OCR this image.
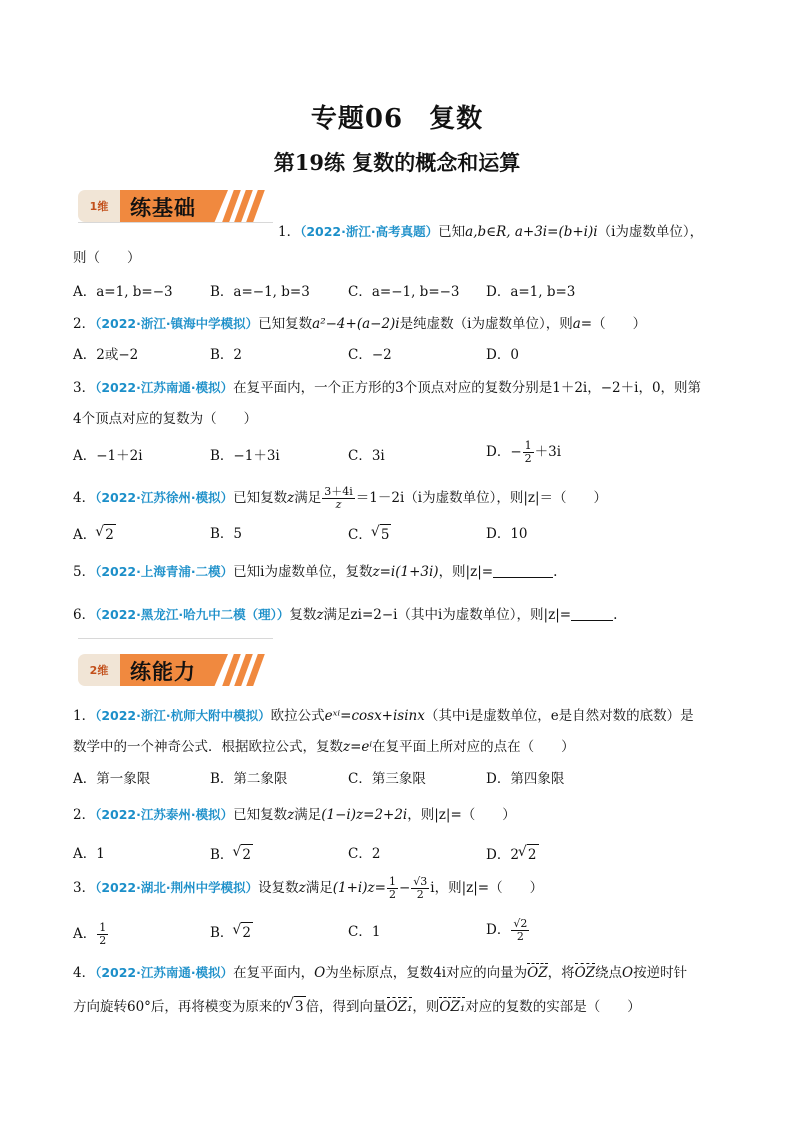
专题06 复数
第19练 复数的概念和运算
1维	练基础
1．（2022·浙江·高考真题）已知a,b∈R, a+3i=(b+i)i（i为虚数单位），
则（　　）
A．a=1, b=−3	B．a=−1, b=3	C．a=−1, b=−3 D．a=1, b=3
2．（2022·浙江·镇海中学模拟）已知复数a²−4+(a−2)i是纯虚数（i为虚数单位），则a=（　　）
A．2或−2	B．2	C．−2	D．0
3．（2022·江苏南通·模拟）在复平面内，一个正方形的3个顶点对应的复数分别是1＋2i，−2＋i，0，则第
4个顶点对应的复数为（　　）
A．−1＋2i	B．−1＋3i	C．3i	D．− $\frac{1}{2} +3i$
4．（2022·江苏徐州·模拟）已知复数z满足 $\frac{3+4i}{z} =1-2i(i$为虚数单位），则|z|＝（　　）
A． √ 2	B．5	C． √ 5	D．10
5．（2022·上海青浦·二模）已知i为虚数单位，复数z=i(1+3i)，则|z|=	.
6．（2022·黑龙江·哈九中二模（理））复数z满足zi=2−i（其中i为虚数单位），则|z|=	.
2维	练能力
1．（2022·浙江·杭师大附中模拟）欧拉公式eˣⁱ=cosx+isinx（其中i是虚数单位，e是自然对数的底数）是
数学中的一个神奇公式．根据欧拉公式，复数z=eⁱ在复平面上所对应的点在（　　）
A．第一象限	B．第二象限	C．第三象限	D．第四象限
2．（2022·江苏泰州·模拟）已知复数z满足(1−i)z=2+2i，则|z|=（　　）
A．1	B． √ 2	C．2	D．2 √ 2
3．（2022·湖北·荆州中学模拟）设复数z满足$(1+i)z= \frac{1}{2} - \frac{√3}{2}$ i，则|z|=（　　）
A． $\frac{1}{2}$	B． √ 2	C．1	D． $\frac{√2}{2}$
4．（2022·江苏南通·模拟）在复平面内，O为坐标原点，复数4i对应的向量为OZ，将OZ绕点O按逆时针
方向旋转60°后，再将模变为原来的 √ 3 倍，得到向量OZ₁，则OZ₁对应的复数的实部是（　　）
